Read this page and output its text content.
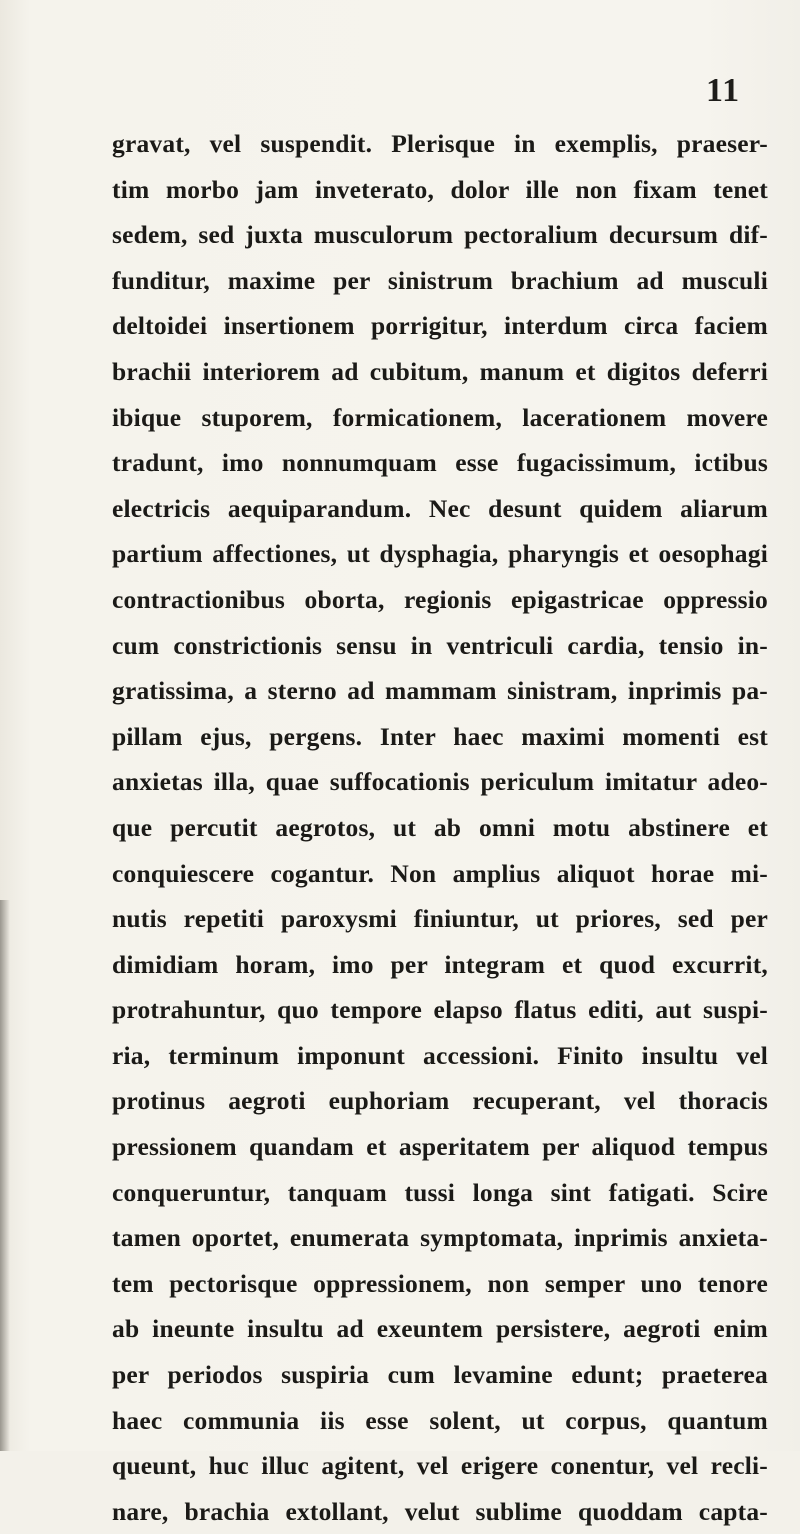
11
gravat, vel suspendit. Plerisque in exemplis, praeser-
tim morbo jam inveterato, dolor ille non fixam tenet
sedem, sed juxta musculorum pectoralium decursum dif-
funditur, maxime per sinistrum brachium ad musculi
deltoidei insertionem porrigitur, interdum circa faciem
brachii interiorem ad cubitum, manum et digitos deferri
ibique stuporem, formicationem, lacerationem movere
tradunt, imo nonnumquam esse fugacissimum, ictibus
electricis aequiparandum. Nec desunt quidem aliarum
partium affectiones, ut dysphagia, pharyngis et oesophagi
contractionibus oborta, regionis epigastricae oppressio
cum constrictionis sensu in ventriculi cardia, tensio in-
gratissima, a sterno ad mammam sinistram, inprimis pa-
pillam ejus, pergens. Inter haec maximi momenti est
anxietas illa, quae suffocationis periculum imitatur adeo-
que percutit aegrotos, ut ab omni motu abstinere et
conquiescere cogantur. Non amplius aliquot horae mi-
nutis repetiti paroxysmi finiuntur, ut priores, sed per
dimidiam horam, imo per integram et quod excurrit,
protrahuntur, quo tempore elapso flatus editi, aut suspi-
ria, terminum imponunt accessioni. Finito insultu vel
protinus aegroti euphoriam recuperant, vel thoracis
pressionem quandam et asperitatem per aliquod tempus
conqueruntur, tanquam tussi longa sint fatigati. Scire
tamen oportet, enumerata symptomata, inprimis anxieta-
tem pectorisque oppressionem, non semper uno tenore
ab ineunte insultu ad exeuntem persistere, aegroti enim
per periodos suspiria cum levamine edunt; praeterea
haec communia iis esse solent, ut corpus, quantum
queunt, huc illuc agitent, vel erigere conentur, vel recli-
nare, brachia extollant, velut sublime quoddam capta-
